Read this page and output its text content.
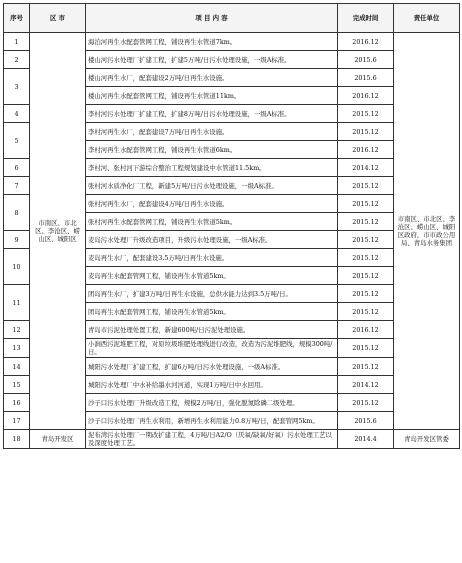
序号	区 市	项 目 内 容	完成时间	责任单位
1	市南区、市北区、李沧区、崂山区、城阳区	海泊河再生水配套管网工程，铺设再生水管道7km。	2016.12	市南区、市北区、李沧区、崂山区、城阳区政府，市市政公用局、青岛水务集团
2		楼山河污水处理厂扩建工程，扩建5万吨/日污水处理设施，一级A标准。	2015.6	
3		楼山河再生水厂，配套建设2万吨/日再生水设施。	2015.6	
		楼山河再生水配套管网工程，铺设再生水管道11km。	2016.12	
4		李村河污水处理厂扩建工程，扩建8万吨/日污水处理设施，一级A标准。	2015.12	
5		李村河再生水厂，配套建设7万吨/日再生水设施。	2015.12	
		李村河再生水配套管网工程，铺设再生水管道6km。	2016.12	
6		李村河、张村河下游综合整治工程规划建设中水管道11.5km。	2014.12	
7		张村河水质净化厂工程，新建5万吨/日污水处理设施，一级A标准。	2015.12	
8		张村河再生水厂，配套建设4万吨/日再生水设施。	2015.12	
		张村河再生水配套管网工程，铺设再生水管道5km。	2015.12	
9		麦岛污水处理厂升级改造项目，升级污水处理设施，一级A标准。	2015.12	
10		麦岛再生水厂，配套建设3.5万吨/日再生水设施。	2015.12	
		麦岛再生水配套管网工程，铺设再生水管道5km。	2015.12	
11		团岛再生水厂，扩建3万吨/日再生水设施，总供水能力达到3.5万吨/日。	2015.12	
		团岛再生水配套管网工程，铺设再生水管道5km。	2015.12	
12		青岛市污泥处理处置工程，新建600吨/日污泥处理设施。	2016.12	
13		小涧西污泥堆肥工程，对原垃圾堆肥处理线进行改造，改造为污泥堆肥线，规模300吨/日。	2015.12	
14		城阳污水处理厂扩建工程，扩建6万吨/日污水处理设施，一级A标准。	2015.12	
15		城阳污水处理厂中水补给墨水河河道，实现1万吨/日中水回用。	2014.12	
16		沙子口污水处理厂升级改造工程，规模2万吨/日，强化脱氮除磷二级处理。	2015.12	
17		沙子口污水处理厂再生水利用，新增再生水利用能力0.8万吨/日，配套管网5km。	2015.6	
18	青岛开发区	泥布湾污水处理厂一期改扩建工程，4万吨/日A2/O（厌氧/缺氧/好氧）污水处理工艺以及深度处理工艺。	2014.4	青岛开发区管委
